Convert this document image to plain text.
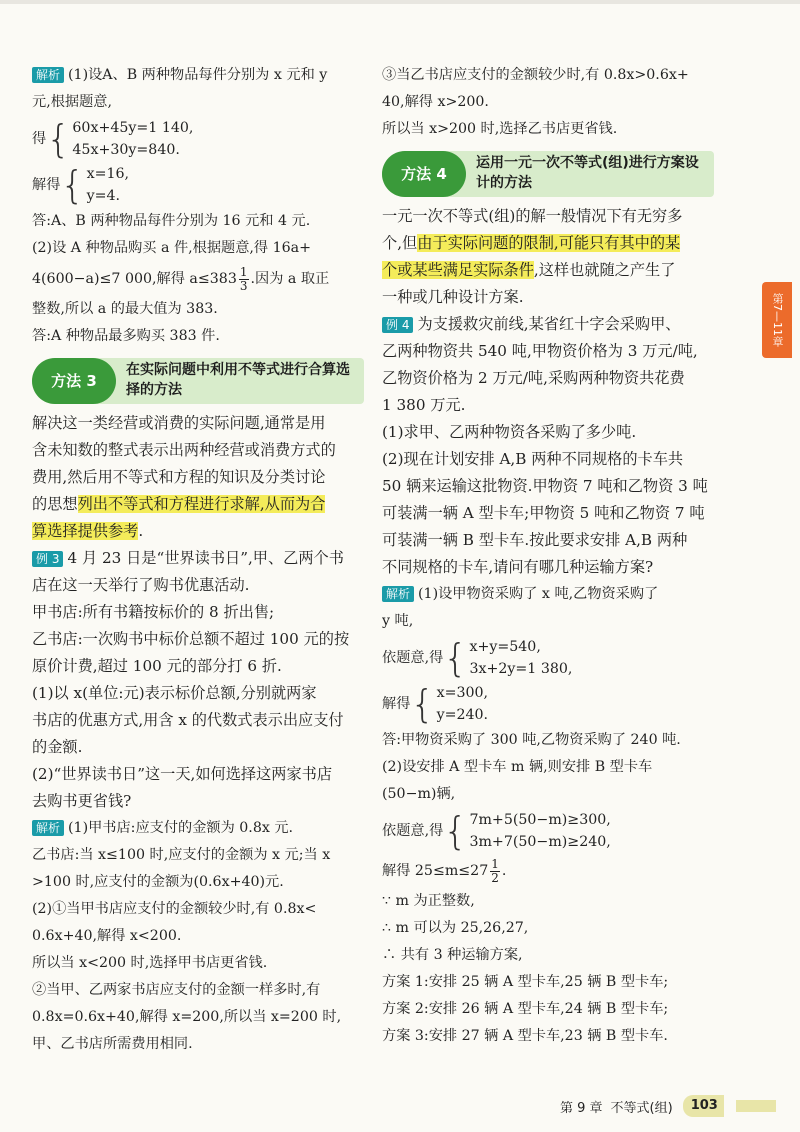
解析 (1)设A、B 两种物品每件分别为 x 元和 y
元,根据题意,
得 { 60x+45y=1 140,
45x+30y=840.
解得 { x=16,
y=4.
答:A、B 两种物品每件分别为 16 元和 4 元.
(2)设 A 种物品购买 a 件,根据题意,得 16a+
4(600−a)≤7 000,解得 $a\le 383 \frac{1}{3}$ .因为 a 取正
整数,所以 a 的最大值为 383.
答:A 种物品最多购买 383 件.
方法 3
在实际问题中利用不等式进行合算选择的方法
解决这一类经营或消费的实际问题,通常是用
含未知数的整式表示出两种经营或消费方式的
费用,然后用不等式和方程的知识及分类讨论
的思想列出不等式和方程进行求解,从而为合
算选择提供参考.
例 3 4 月 23 日是“世界读书日”,甲、乙两个书
店在这一天举行了购书优惠活动.
甲书店:所有书籍按标价的 8 折出售;
乙书店:一次购书中标价总额不超过 100 元的按
原价计费,超过 100 元的部分打 6 折.
(1)以 x(单位:元)表示标价总额,分别就两家
书店的优惠方式,用含 x 的代数式表示出应支付
的金额.
(2)“世界读书日”这一天,如何选择这两家书店
去购书更省钱?
解析 (1)甲书店:应支付的金额为 0.8x 元.
乙书店:当 x≤100 时,应支付的金额为 x 元;当 x
>100 时,应支付的金额为(0.6x+40)元.
(2)①当甲书店应支付的金额较少时,有 0.8x<
0.6x+40,解得 x<200.
所以当 x<200 时,选择甲书店更省钱.
②当甲、乙两家书店应支付的金额一样多时,有
0.8x=0.6x+40,解得 x=200,所以当 x=200 时,
甲、乙书店所需费用相同.
③当乙书店应支付的金额较少时,有 0.8x>0.6x+
40,解得 x>200.
所以当 x>200 时,选择乙书店更省钱.
方法 4
运用一元一次不等式(组)进行方案设计的方法
一元一次不等式(组)的解一般情况下有无穷多
个,但由于实际问题的限制,可能只有其中的某
个或某些满足实际条件,这样也就随之产生了
一种或几种设计方案.
例 4 为支援救灾前线,某省红十字会采购甲、
乙两种物资共 540 吨,甲物资价格为 3 万元/吨,
乙物资价格为 2 万元/吨,采购两种物资共花费
1 380 万元.
(1)求甲、乙两种物资各采购了多少吨.
(2)现在计划安排 A,B 两种不同规格的卡车共
50 辆来运输这批物资.甲物资 7 吨和乙物资 3 吨
可装满一辆 A 型卡车;甲物资 5 吨和乙物资 7 吨
可装满一辆 B 型卡车.按此要求安排 A,B 两种
不同规格的卡车,请问有哪几种运输方案?
解析 (1)设甲物资采购了 x 吨,乙物资采购了
y 吨,
依题意,得 { x+y=540,
3x+2y=1 380,
解得 { x=300,
y=240.
答:甲物资采购了 300 吨,乙物资采购了 240 吨.
(2)设安排 A 型卡车 m 辆,则安排 B 型卡车
(50−m)辆,
依题意,得 { 7m+5(50−m)≥300,
3m+7(50−m)≥240,
解得 $25\le m\le 27 \frac{1}{2}$ .
∵ m 为正整数,
∴ m 可以为 25,26,27,
∴ 共有 3 种运输方案,
方案 1:安排 25 辆 A 型卡车,25 辆 B 型卡车;
方案 2:安排 26 辆 A 型卡车,24 辆 B 型卡车;
方案 3:安排 27 辆 A 型卡车,23 辆 B 型卡车.
第7—11章
第 9 章 不等式(组)	103
